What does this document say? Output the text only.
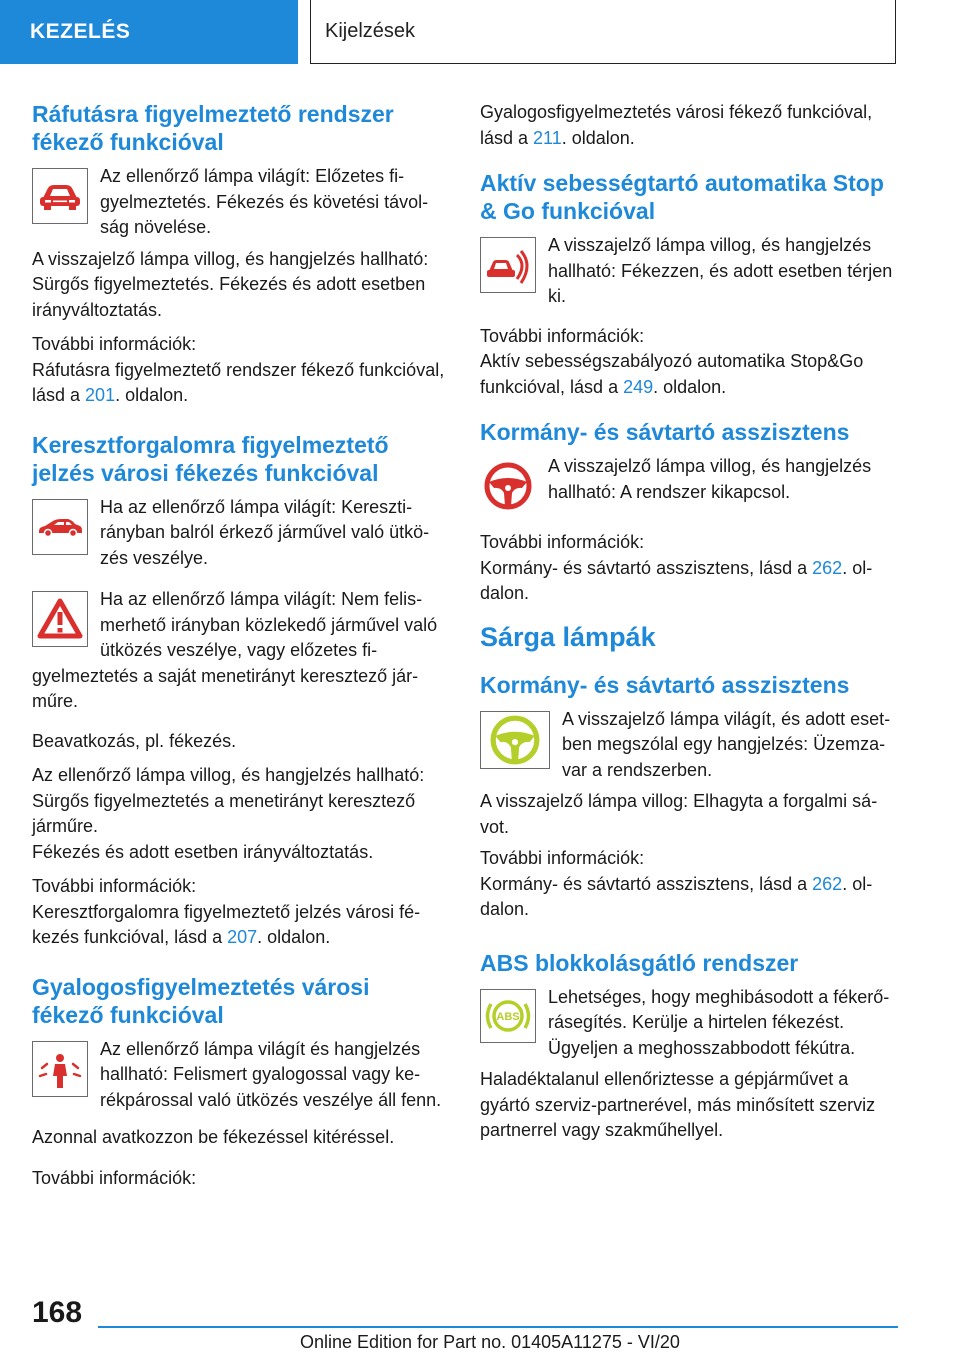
KEZELÉS	Kijelzések
Ráfutásra figyelmeztető rendszer fékező funkcióval
Az ellenőrző lámpa világít: Előzetes figyelmeztetés. Fékezés és követési távolság növelése.
A visszajelző lámpa villog, és hangjelzés hallható: Sürgős figyelmeztetés. Fékezés és adott esetben irányváltoztatás.
További információk:
Ráfutásra figyelmeztető rendszer fékező funkcióval, lásd a 201. oldalon.
Keresztforgalomra figyelmeztető jelzés városi fékezés funkcióval
Ha az ellenőrző lámpa világít: Keresztirányban balról érkező járművel való ütközés veszélye.
Ha az ellenőrző lámpa világít: Nem felismerhető irányban közlekedő járművel való ütközés veszélye, vagy előzetes figyelmeztetés a saját menetirányt keresztező járműre.
Beavatkozás, pl. fékezés.
Az ellenőrző lámpa villog, és hangjelzés hallható: Sürgős figyelmeztetés a menetirányt keresztező járműre.
Fékezés és adott esetben irányváltoztatás.
További információk:
Keresztforgalomra figyelmeztető jelzés városi fékezés funkcióval, lásd a 207. oldalon.
Gyalogosfigyelmeztetés városi fékező funkcióval
Az ellenőrző lámpa világít és hangjelzés hallható: Felismert gyalogossal vagy kerékpárossal való ütközés veszélye áll fenn.
Azonnal avatkozzon be fékezéssel kitéréssel.
További információk:
Gyalogosfigyelmeztetés városi fékező funkcióval, lásd a 211. oldalon.
Aktív sebességtartó automatika Stop & Go funkcióval
A visszajelző lámpa villog, és hangjelzés hallható: Fékezzen, és adott esetben térjen ki.
További információk:
Aktív sebességszabályozó automatika Stop&Go funkcióval, lásd a 249. oldalon.
Kormány- és sávtartó asszisztens
A visszajelző lámpa villog, és hangjelzés hallható: A rendszer kikapcsol.
További információk:
Kormány- és sávtartó asszisztens, lásd a 262. oldalon.
Sárga lámpák
Kormány- és sávtartó asszisztens
A visszajelző lámpa világít, és adott esetben megszólal egy hangjelzés: Üzemzavar a rendszerben.
A visszajelző lámpa villog: Elhagyta a forgalmi sávot.
További információk:
Kormány- és sávtartó asszisztens, lásd a 262. oldalon.
ABS blokkolásgátló rendszer
ABS
Lehetséges, hogy meghibásodott a fékerő-rásegítés. Kerülje a hirtelen fékezést. Ügyeljen a meghosszabbodott fékútra.
Haladéktalanul ellenőriztesse a gépjárművet a gyártó szerviz-partnerével, más minősített szerviz partnerrel vagy szakműhellyel.
168
Online Edition for Part no. 01405A11275 - VI/20
